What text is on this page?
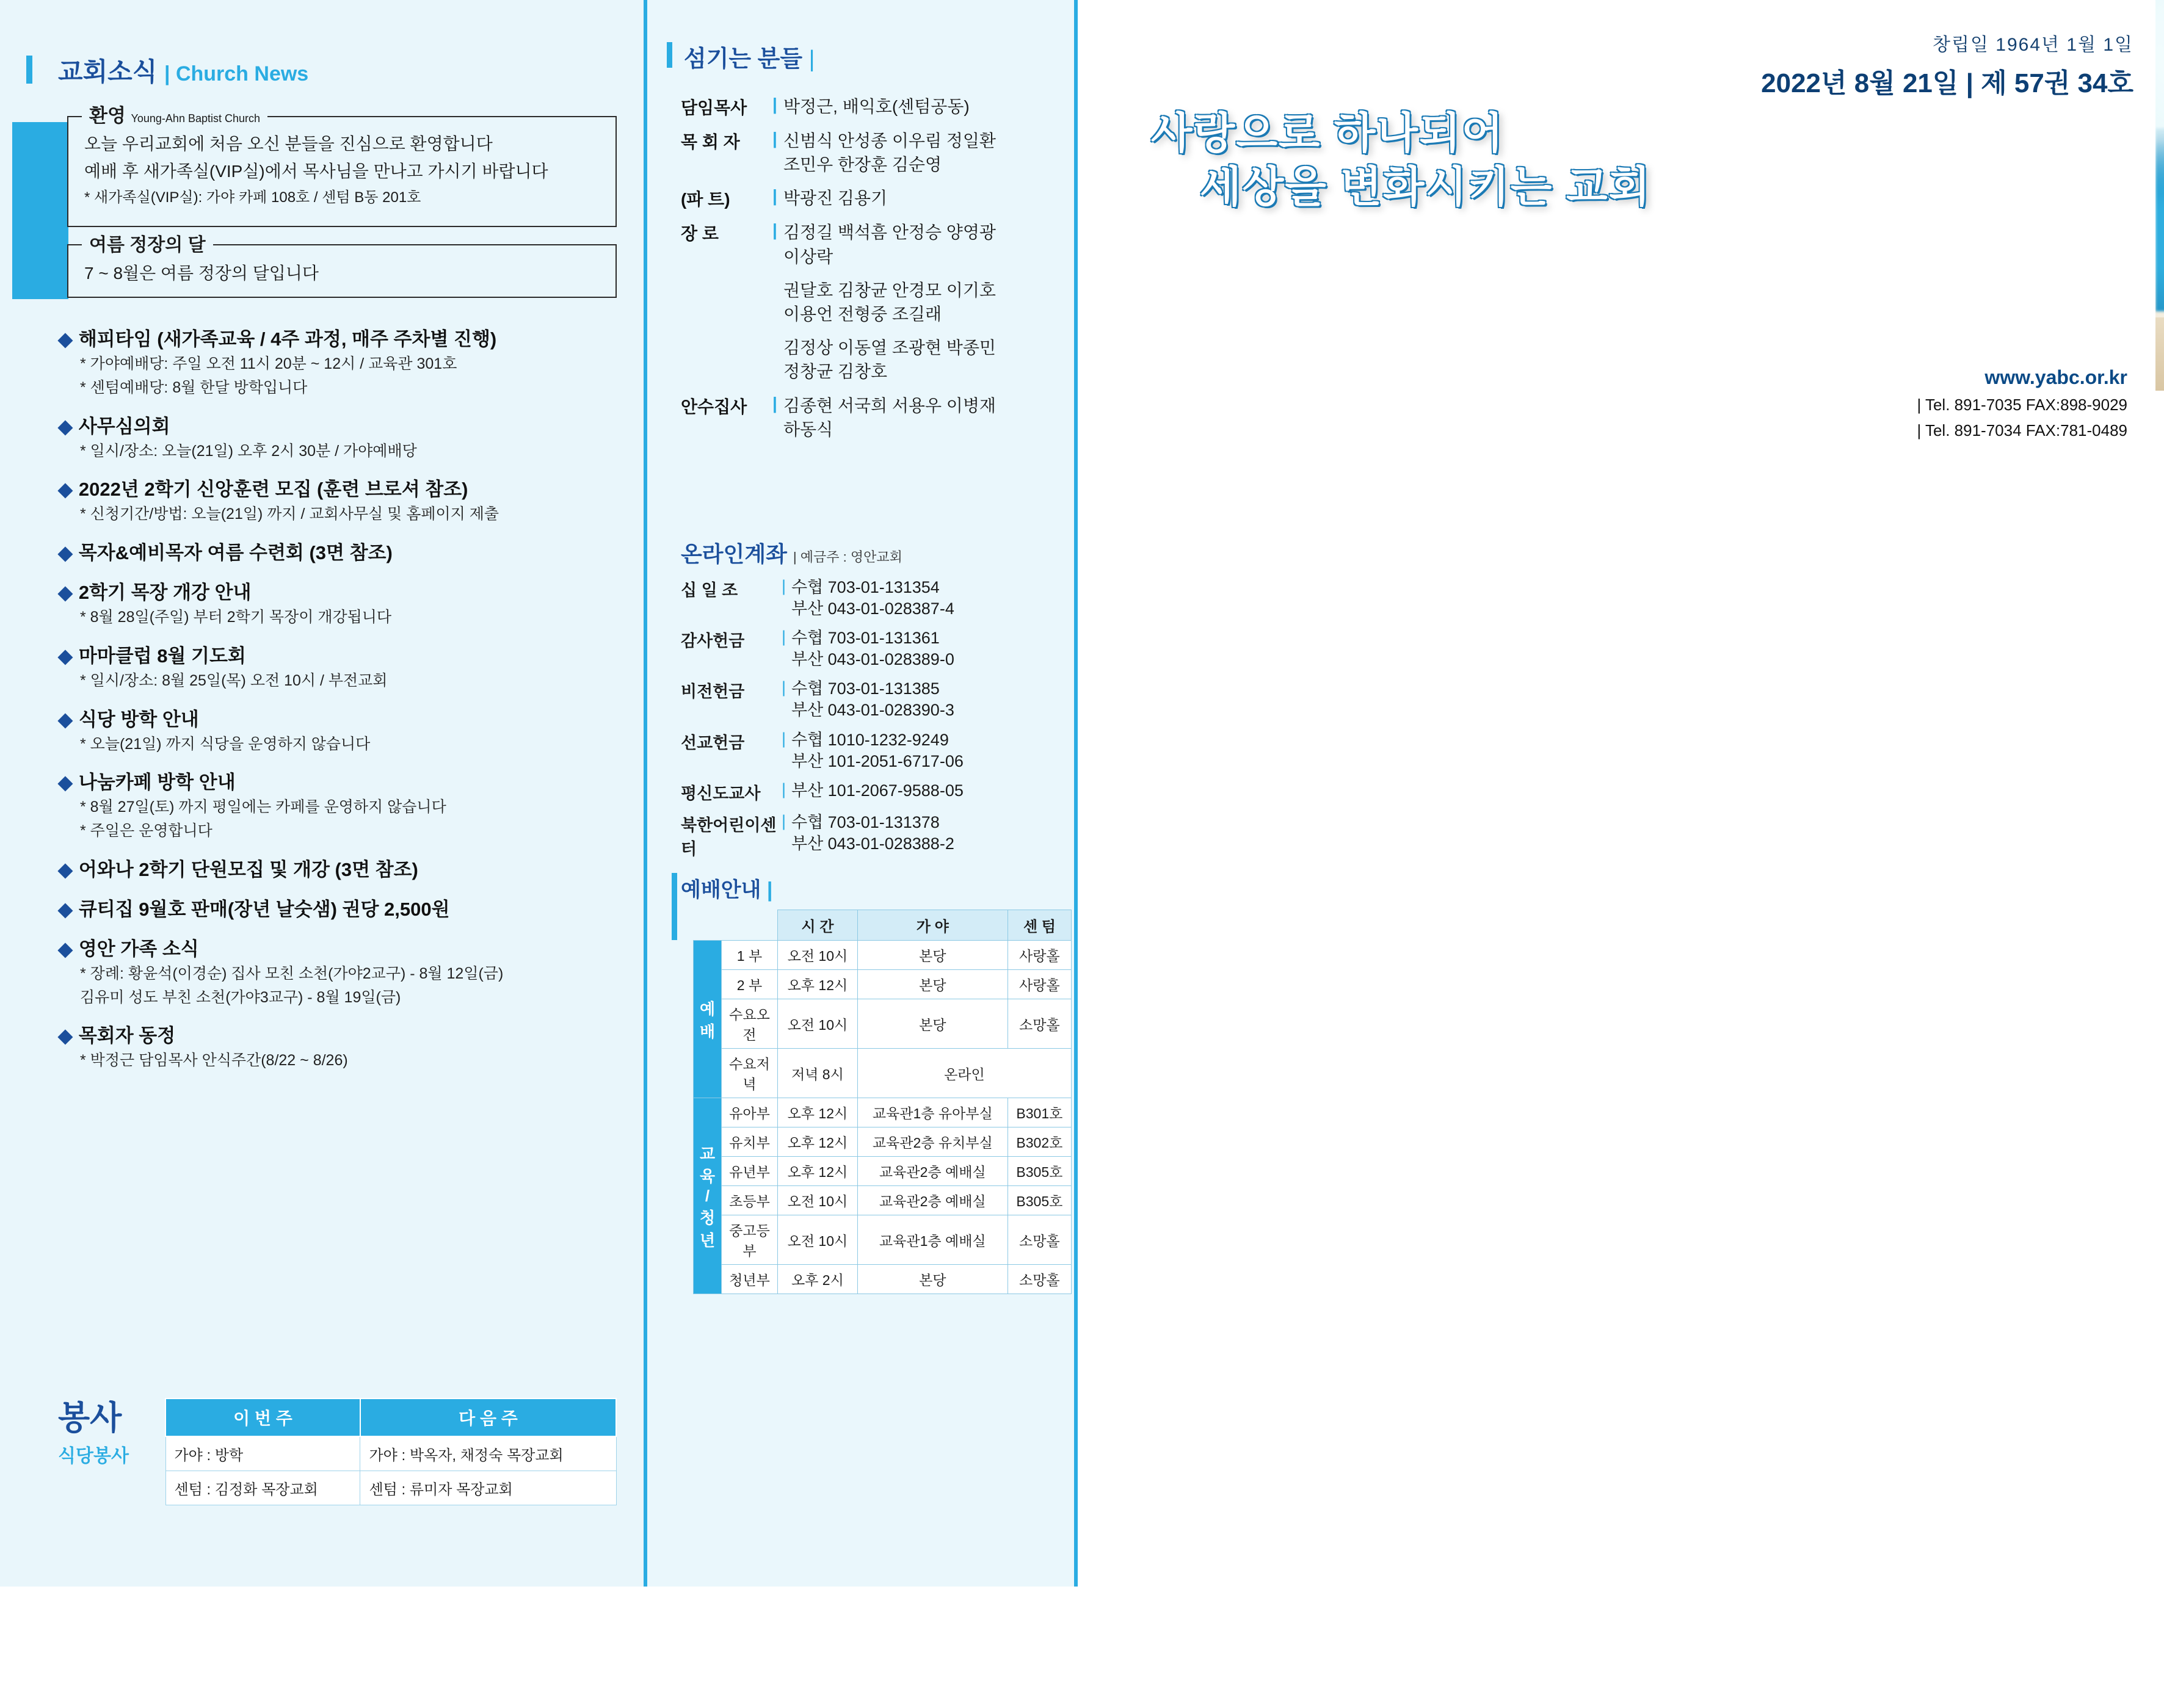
교회소식 | Church News
환영 Young-Ahn Baptist Church

오늘 우리교회에 처음 오신 분들을 진심으로 환영합니다

예배 후 새가족실(VIP실)에서 목사님을 만나고 가시기 바랍니다

* 새가족실(VIP실): 가야 카페 108호 / 센텀 B동 201호

여름 정장의 달

7 ~ 8월은 여름 정장의 달입니다

◆ 해피타임 (새가족교육 / 4주 과정, 매주 주차별 진행)
* 가야예배당: 주일 오전 11시 20분 ~ 12시 / 교육관 301호
* 센텀예배당: 8월 한달 방학입니다
◆ 사무심의회
* 일시/장소: 오늘(21일) 오후 2시 30분 / 가야예배당
◆ 2022년 2학기 신앙훈련 모집 (훈련 브로셔 참조)
* 신청기간/방법: 오늘(21일) 까지 / 교회사무실 및 홈페이지 제출
◆ 목자&예비목자 여름 수련회 (3면 참조)
◆ 2학기 목장 개강 안내
* 8월 28일(주일) 부터 2학기 목장이 개강됩니다
◆ 마마클럽 8월 기도회
* 일시/장소: 8월 25일(목) 오전 10시 / 부전교회
◆ 식당 방학 안내
* 오늘(21일) 까지 식당을 운영하지 않습니다
◆ 나눔카페 방학 안내
* 8월 27일(토) 까지 평일에는 카페를 운영하지 않습니다
* 주일은 운영합니다
◆ 어와나 2학기 단원모집 및 개강 (3면 참조)
◆ 큐티집 9월호 판매(장년 날숫샘) 권당 2,500원
◆ 영안 가족 소식
* 장례: 황윤석(이경순) 집사 모친 소천(가야2교구) - 8월 12일(금)
김유미 성도 부친 소천(가야3교구) - 8월 19일(금)
◆ 목회자 동정
* 박정근 담임목사 안식주간(8/22 ~ 8/26)
봉사
식당봉사
이 번 주	다 음 주
가야 : 방학	가야 : 박옥자, 채정숙 목장교회
센텀 : 김정화 목장교회	센텀 : 류미자 목장교회
섬기는 분들 |
담임목사	| 박정근, 배익호(센텀공동)
목 회 자	| 신범식 안성종 이우림 정일환
조민우 한장훈 김순영
(파 트)	| 박광진 김용기
장 로	| 김정길 백석흠 안정승 양영광
이상락
권달호 김창균 안경모 이기호
이용언 전형중 조길래
김정상 이동열 조광현 박종민
정창균 김창호
안수집사	| 김종현 서국희 서용우 이병재
하동식
온라인계좌 | 예금주 : 영안교회
십 일 조	| 수협 703-01-131354
부산 043-01-028387-4
감사헌금	| 수협 703-01-131361
부산 043-01-028389-0
비전헌금	| 수협 703-01-131385
부산 043-01-028390-3
선교헌금	| 수협 1010-1232-9249
부산 101-2051-6717-06
평신도교사	| 부산 101-2067-9588-05
북한어린이센터
| 수협 703-01-131378
부산 043-01-028388-2
예배안내 |
		시 간	가 야	센 텀
예
배	1 부	오전 10시	본당	사랑홀
	2 부	오후 12시	본당	사랑홀
	수요오전	오전 10시	본당	소망홀
	수요저녁	저녁 8시	온라인	
교
육
/
청
년	유아부	오후 12시	교육관1층 유아부실	B301호
	유치부	오후 12시	교육관2층 유치부실	B302호
	유년부	오후 12시	교육관2층 예배실	B305호
	초등부	오전 10시	교육관2층 예배실	B305호
	중고등부	오전 10시	교육관1층 예배실	소망홀
	청년부	오후 2시	본당	소망홀
창립일 1964년 1월 1일
2022년 8월 21일 | 제 57권 34호
사랑으로 하나되어
세상을 변화시키는 교회

www.yabc.or.kr
| Tel. 891-7035 FAX:898-9029
| Tel. 891-7034 FAX:781-0489
